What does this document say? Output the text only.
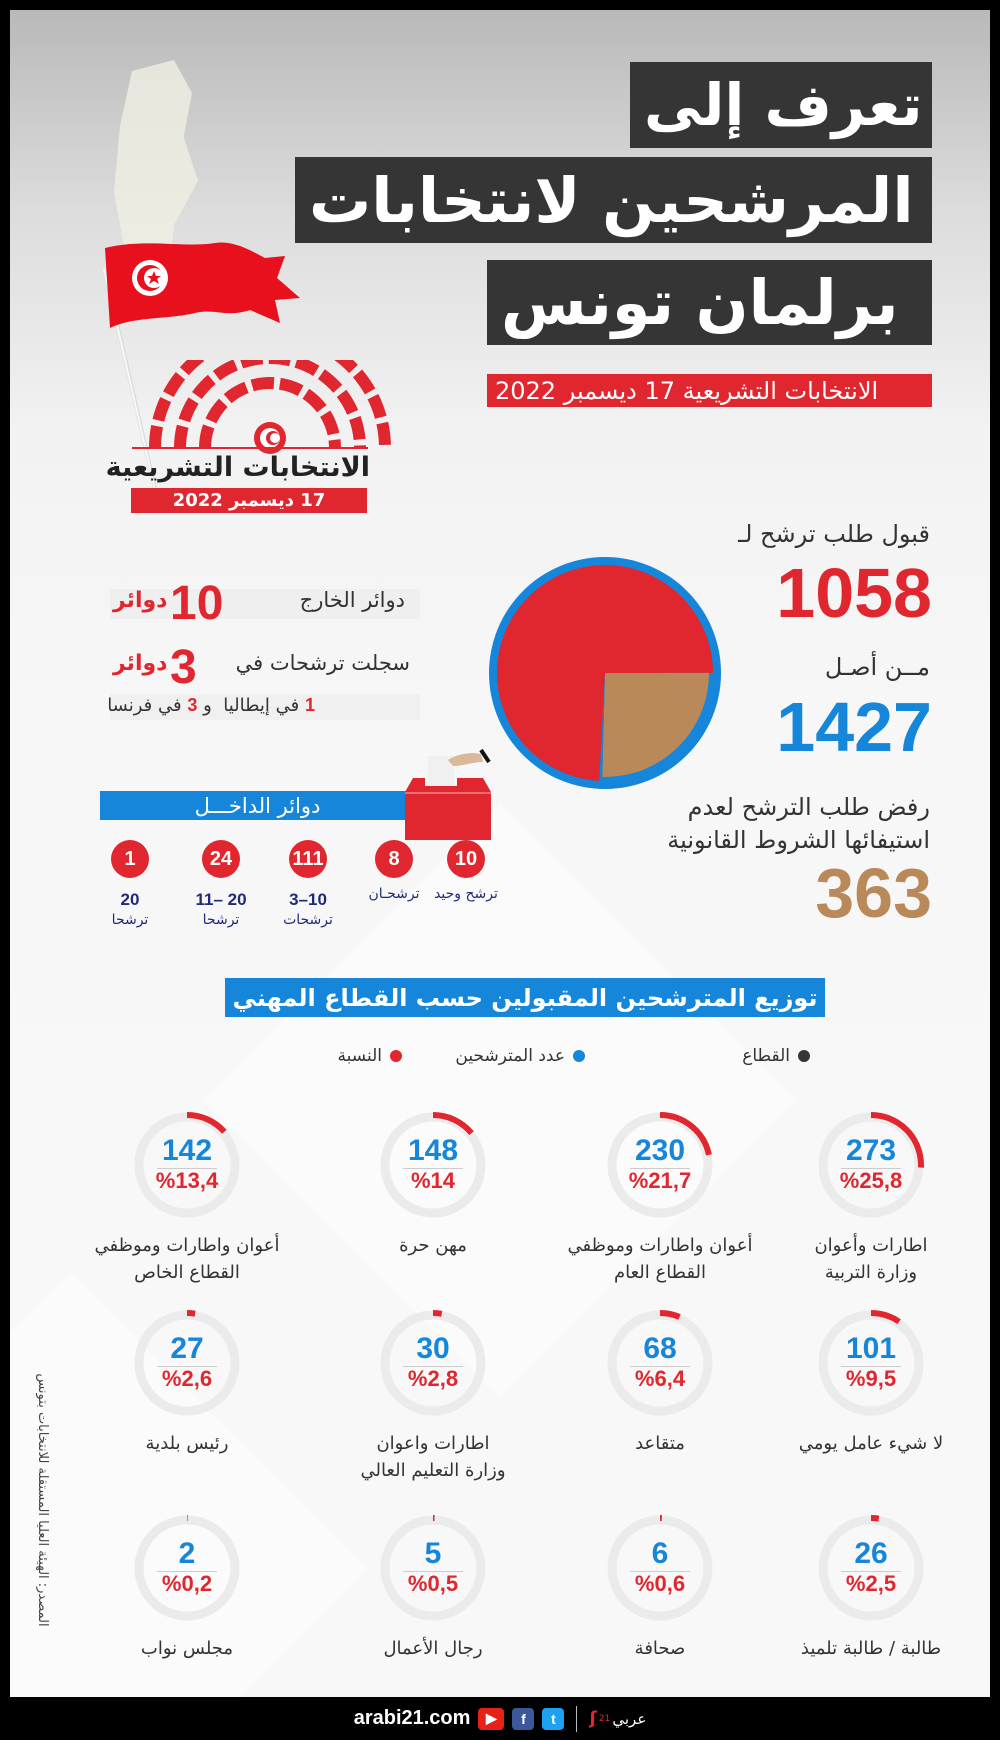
تعرف إلى
المرشحين لانتخابات
برلمان تونس
الانتخابات التشريعية 17 ديسمبر 2022
الانتخابات التشريعية
17 ديسمبر 2022
دوائر الخارج
10
دوائر
سجلت ترشحات في
3
دوائر
1 في إيطاليا  و 3 في فرنسا
دوائر الداخـــل
10
ترشح وحيد
8
ترشحـان
111
3–10
ترشحات
24
11– 20
ترشحا
1
20
ترشحا
قبول طلب ترشح لـ
1058
مــن أصـل
1427
رفض طلب الترشح لعدم
استيفائها الشروط القانونية
363
توزيع المترشحين المقبولين حسب القطاع المهني
القطاع
عدد المترشحين
النسبة
273
%25,8
اطارات وأعوان
وزارة التربية
230
%21,7
أعوان واطارات وموظفي
القطاع العام
148
%14
مهن حرة
142
%13,4
أعوان واطارات وموظفي
القطاع الخاص
101
%9,5
لا شيء عامل يومي
68
%6,4
متقاعد
30
%2,8
اطارات واعوان
وزارة التعليم العالي
27
%2,6
رئيس بلدية
26
%2,5
طالبة / طالبة تلميذ
6
%0,6
صحافة
5
%0,5
رجال الأعمال
2
%0,2
مجلس نواب
المصدر: الهيئة العليا المستقلة للانتخابات بتونس
arabi21.com	▶	f	t	عربي
21
ʃ
